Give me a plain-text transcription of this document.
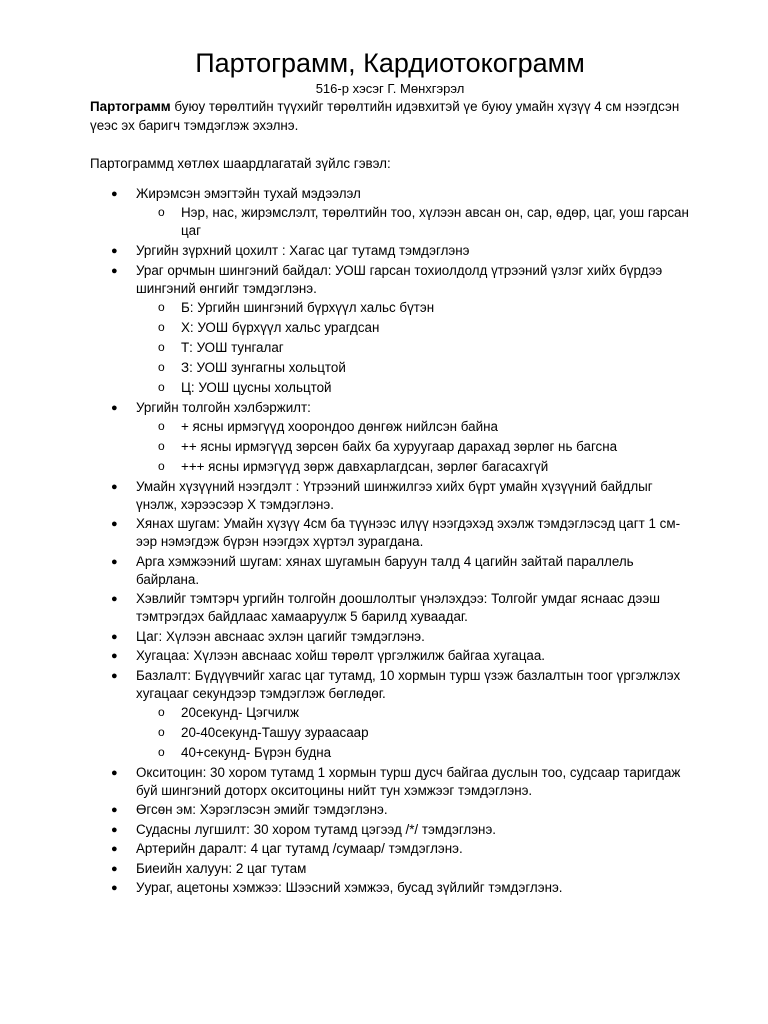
Партограмм, Кардиотокограмм

516-р хэсэг Г. Мөнхгэрэл

Партограмм буюу төрөлтийн түүхийг төрөлтийн идэвхитэй үе буюу умайн хүзүү 4 см нээгдсэн үеэс эх баригч тэмдэглэж эхэлнэ.

Партограммд хөтлөх шаардлагатай зүйлс гэвэл:

● Жирэмсэн эмэгтэйн тухай мэдээлэл
o Нэр, нас, жирэмслэлт, төрөлтийн тоо, хүлээн авсан он, сар, өдөр, цаг, уош гарсан цаг
● Ургийн зүрхний цохилт : Хагас цаг тутамд тэмдэглэнэ
● Ураг орчмын шингэний байдал: УОШ гарсан тохиолдолд үтрээний үзлэг хийх бүрдээ шингэний өнгийг тэмдэглэнэ.
o Б: Ургийн шингэний бүрхүүл хальс бүтэн
o Х: УОШ бүрхүүл хальс урагдсан
o Т: УОШ тунгалаг
o З: УОШ зунгагны хольцтой
o Ц: УОШ цусны хольцтой
● Ургийн толгойн хэлбэржилт:
o + ясны ирмэгүүд хоорондоо дөнгөж нийлсэн байна
o ++ ясны ирмэгүүд зөрсөн байх ба хуруугаар дарахад зөрлөг нь багсна
o +++ ясны ирмэгүүд зөрж давхарлагдсан, зөрлөг багасахгүй
● Умайн хүзүүний нээгдэлт : Үтрээний шинжилгээ хийх бүрт умайн хүзүүний байдлыг үнэлж, хэрээсээр Х тэмдэглэнэ.
● Хянах шугам: Умайн хүзүү 4см ба түүнээс илүү нээгдэхэд эхэлж тэмдэглэсэд цагт 1 см-ээр нэмэгдэж бүрэн нээгдэх хүртэл зурагдана.
● Арга хэмжээний шугам: хянах шугамын баруун талд 4 цагийн зайтай параллель байрлана.
● Хэвлийг тэмтэрч ургийн толгойн доошлолтыг үнэлэхдээ: Толгойг умдаг яснаас дээш тэмтрэгдэх байдлаас хамааруулж 5 барилд хуваадаг.
● Цаг: Хүлээн авснаас эхлэн цагийг тэмдэглэнэ.
● Хугацаа: Хүлээн авснаас хойш төрөлт үргэлжилж байгаа хугацаа.
● Базлалт: Бүдүүвчийг хагас цаг тутамд, 10 хормын турш үзэж базлалтын тоог үргэлжлэх хугацааг секундээр тэмдэглэж бөглөдөг.
o 20секунд- Цэгчилж
o 20-40секунд-Ташуу зураасаар
o 40+секунд- Бүрэн будна
● Окситоцин: 30 хором тутамд 1 хормын турш дусч байгаа дуслын тоо, судсаар таригдаж буй шингэний доторх окситоцины нийт тун хэмжээг тэмдэглэнэ.
● Өгсөн эм: Хэрэглэсэн эмийг тэмдэглэнэ.
● Судасны лугшилт: 30 хором тутамд цэгээд /*/ тэмдэглэнэ.
● Артерийн даралт: 4 цаг тутамд /сумаар/ тэмдэглэнэ.
● Биеийн халуун: 2 цаг тутам
● Уураг, ацетоны хэмжээ: Шээсний хэмжээ, бусад зүйлийг тэмдэглэнэ.
